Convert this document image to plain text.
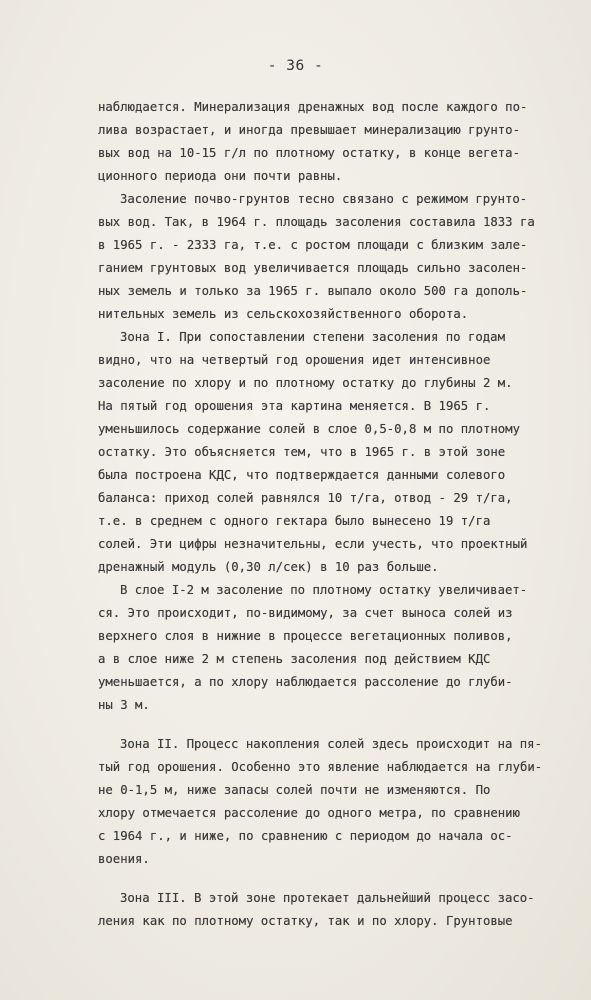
- 36 -
наблюдается. Минерализация дренажных вод после каждого по-
лива возрастает, и иногда превышает минерализацию грунто-
вых вод на 10-15 г/л по плотному остатку, в конце вегета-
ционного периода они почти равны.
Засоление почво-грунтов тесно связано с режимом грунто-
вых вод. Так, в 1964 г. площадь засоления составила 1833 га
в 1965 г. - 2333 га, т.е. с ростом площади с близким зале-
ганием грунтовых вод увеличивается площадь сильно засолен-
ных земель и только за 1965 г. выпало около 500 га дополь-
нительных земель из сельскохозяйственного оборота.
Зона I. При сопоставлении степени засоления по годам
видно, что на четвертый год орошения идет интенсивное
засоление по хлору и по плотному остатку до глубины 2 м.
На пятый год орошения эта картина меняется. В 1965 г.
уменьшилось содержание солей в слое 0,5-0,8 м по плотному
остатку. Это объясняется тем, что в 1965 г. в этой зоне
была построена КДС, что подтверждается данными солевого
баланса: приход солей равнялся 10 т/га, отвод - 29 т/га,
т.е. в среднем с одного гектара было вынесено 19 т/га
солей. Эти цифры незначительны, если учесть, что проектный
дренажный модуль (0,30 л/сек) в 10 раз больше.
В слое I-2 м засоление по плотному остатку увеличивает-
ся. Это происходит, по-видимому, за счет выноса солей из
верхнего слоя в нижние в процессе вегетационных поливов,
а в слое ниже 2 м степень засоления под действием КДС
уменьшается, а по хлору наблюдается рассоление до глуби-
ны 3 м.
Зона II. Процесс накопления солей здесь происходит на пя-
тый год орошения. Особенно это явление наблюдается на глуби-
не 0-1,5 м, ниже запасы солей почти не изменяются. По
хлору отмечается рассоление до одного метра, по сравнению
с 1964 г., и ниже, по сравнению с периодом до начала ос-
воения.
Зона III. В этой зоне протекает дальнейший процесс засо-
ления как по плотному остатку, так и по хлору. Грунтовые
